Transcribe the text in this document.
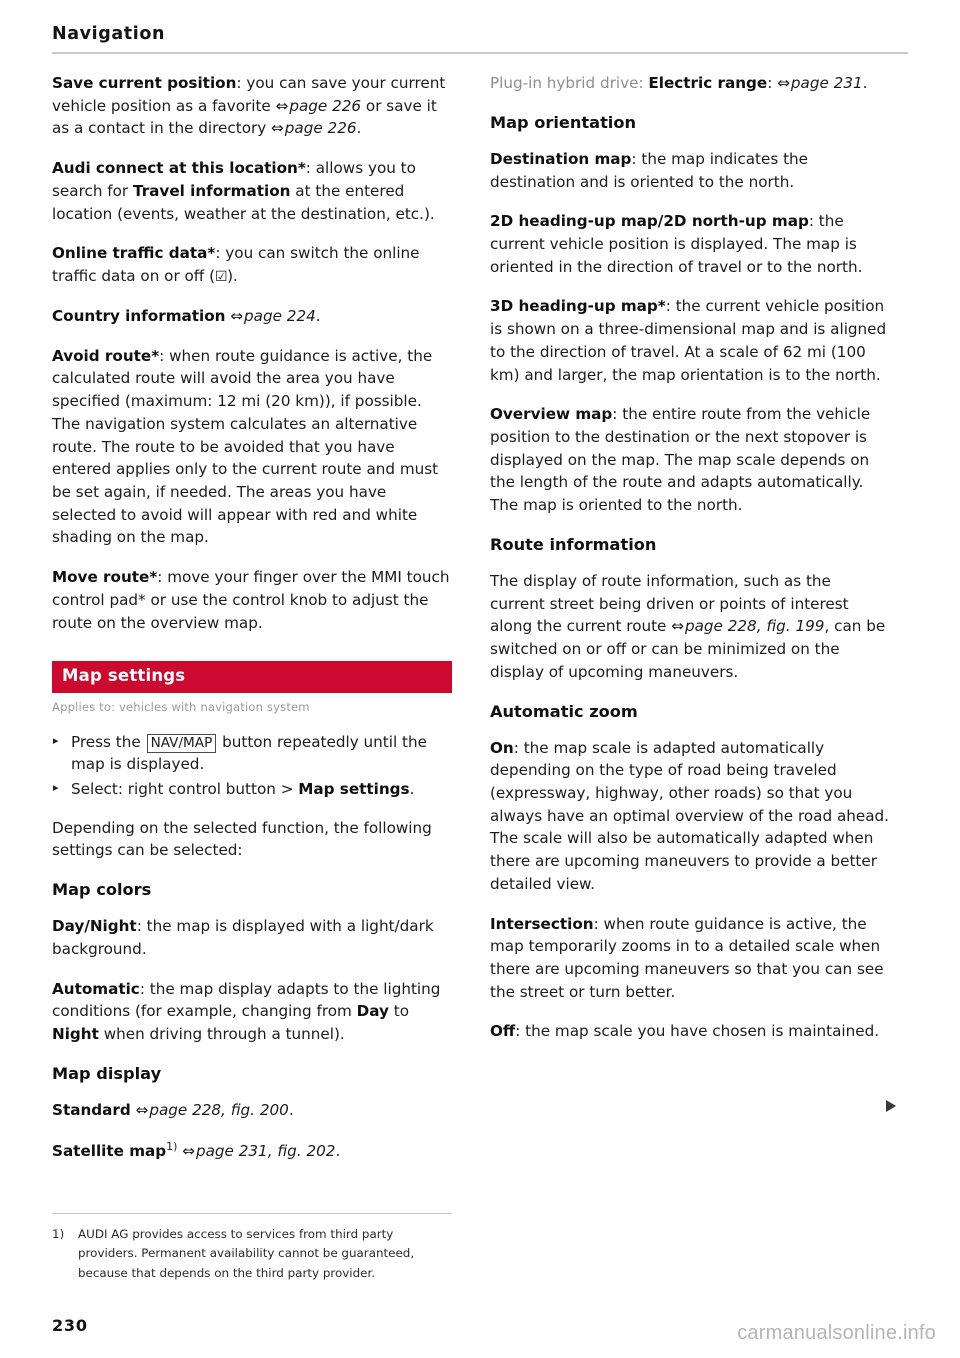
Navigation

Save current position: you can save your current vehicle position as a favorite ⇔page 226 or save it as a contact in the directory ⇔page 226.

Audi connect at this location*: allows you to search for Travel information at the entered location (events, weather at the destination, etc.).

Online traffic data*: you can switch the online traffic data on or off (☑).

Country information ⇔page 224.

Avoid route*: when route guidance is active, the calculated route will avoid the area you have specified (maximum: 12 mi (20 km)), if possible. The navigation system calculates an alternative route. The route to be avoided that you have entered applies only to the current route and must be set again, if needed. The areas you have selected to avoid will appear with red and white shading on the map.

Move route*: move your finger over the MMI touch control pad* or use the control knob to adjust the route on the overview map.

Map settings
Applies to: vehicles with navigation system
▸ Press the NAV/MAP button repeatedly until the map is displayed.
▸ Select: right control button > Map settings.

Depending on the selected function, the following settings can be selected:

Map colors

Day/Night: the map is displayed with a light/dark background.

Automatic: the map display adapts to the lighting conditions (for example, changing from Day to Night when driving through a tunnel).

Map display

Standard ⇔page 228, fig. 200.

Satellite map$^{1)}$ ⇔page 231, fig. 202.

Plug-in hybrid drive: Electric range: ⇔page 231.

Map orientation

Destination map: the map indicates the destination and is oriented to the north.

2D heading-up map/2D north-up map: the current vehicle position is displayed. The map is oriented in the direction of travel or to the north.

3D heading-up map*: the current vehicle position is shown on a three-dimensional map and is aligned to the direction of travel. At a scale of 62 mi (100 km) and larger, the map orientation is to the north.

Overview map: the entire route from the vehicle position to the destination or the next stopover is displayed on the map. The map scale depends on the length of the route and adapts automatically. The map is oriented to the north.

Route information

The display of route information, such as the current street being driven or points of interest along the current route ⇔page 228, fig. 199, can be switched on or off or can be minimized on the display of upcoming maneuvers.

Automatic zoom

On: the map scale is adapted automatically depending on the type of road being traveled (expressway, highway, other roads) so that you always have an optimal overview of the road ahead. The scale will also be automatically adapted when there are upcoming maneuvers to provide a better detailed view.

Intersection: when route guidance is active, the map temporarily zooms in to a detailed scale when there are upcoming maneuvers so that you can see the street or turn better.

Off: the map scale you have chosen is maintained.

1) AUDI AG provides access to services from third party providers. Permanent availability cannot be guaranteed, because that depends on the third party provider.
230	carmanualsonline.info
